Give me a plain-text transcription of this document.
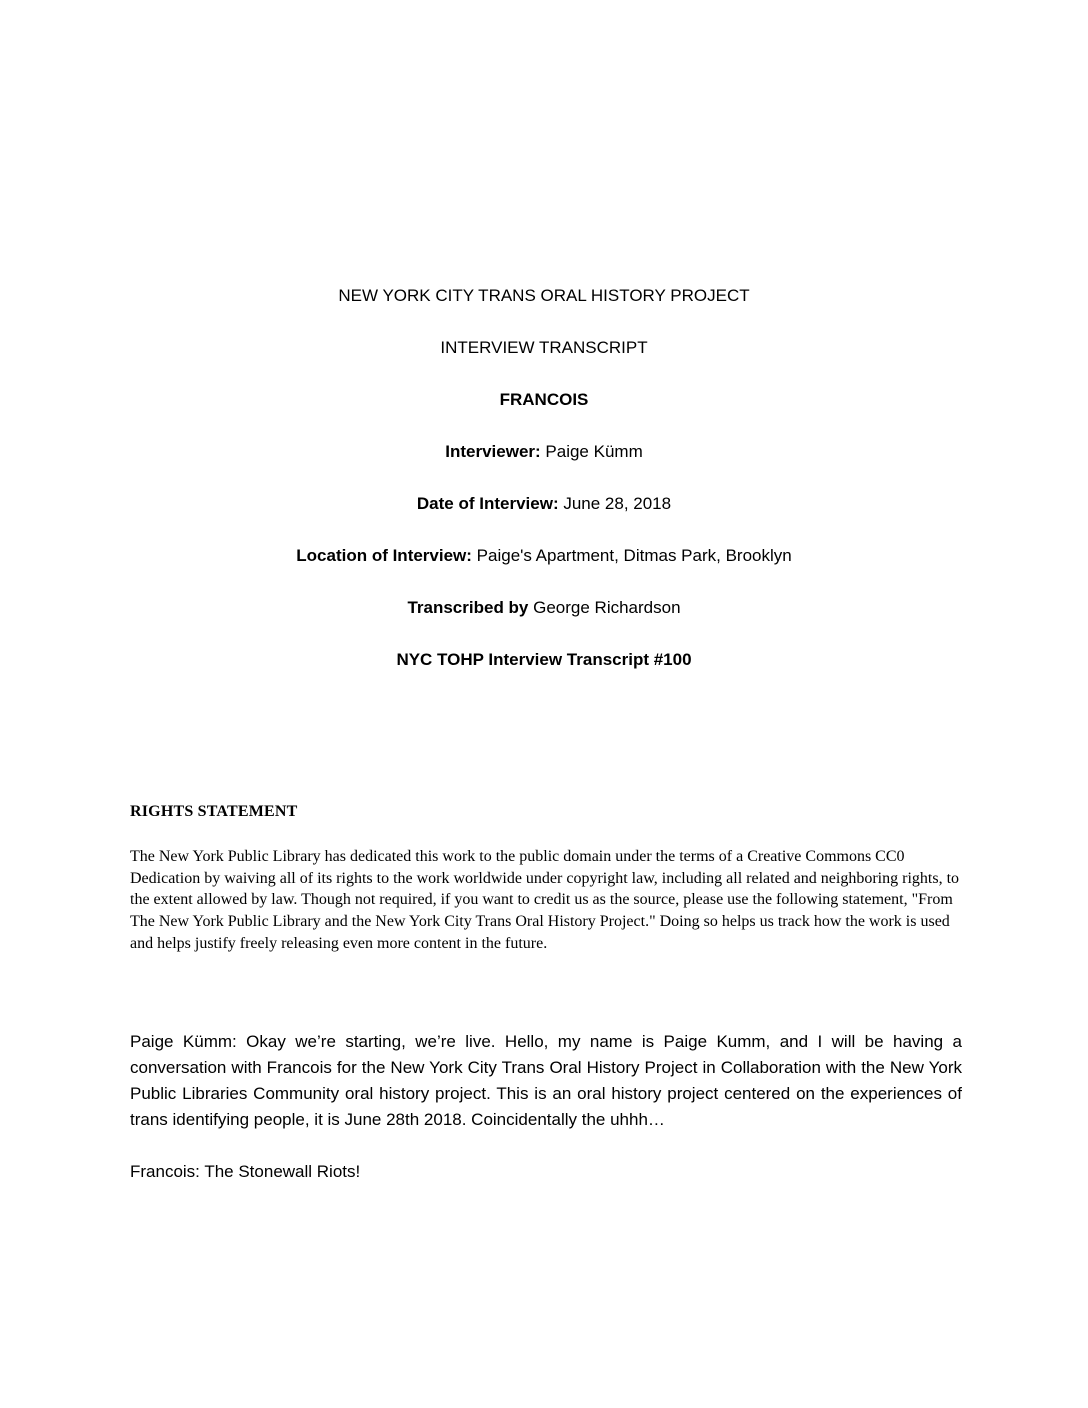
NEW YORK CITY TRANS ORAL HISTORY PROJECT
INTERVIEW TRANSCRIPT
FRANCOIS
Interviewer: Paige Kümm
Date of Interview: June 28, 2018
Location of Interview: Paige's Apartment, Ditmas Park, Brooklyn
Transcribed by George Richardson
NYC TOHP Interview Transcript #100
RIGHTS STATEMENT

The New York Public Library has dedicated this work to the public domain under the terms of a Creative Commons CC0 Dedication by waiving all of its rights to the work worldwide under copyright law, including all related and neighboring rights, to the extent allowed by law. Though not required, if you want to credit us as the source, please use the following statement, "From The New York Public Library and the New York City Trans Oral History Project." Doing so helps us track how the work is used and helps justify freely releasing even more content in the future.

Paige Kümm: Okay we’re starting, we’re live. Hello, my name is Paige Kumm, and I will be having a conversation with Francois for the New York City Trans Oral History Project in Collaboration with the New York Public Libraries Community oral history project. This is an oral history project centered on the experiences of trans identifying people, it is June 28th 2018. Coincidentally the uhhh…

Francois: The Stonewall Riots!
